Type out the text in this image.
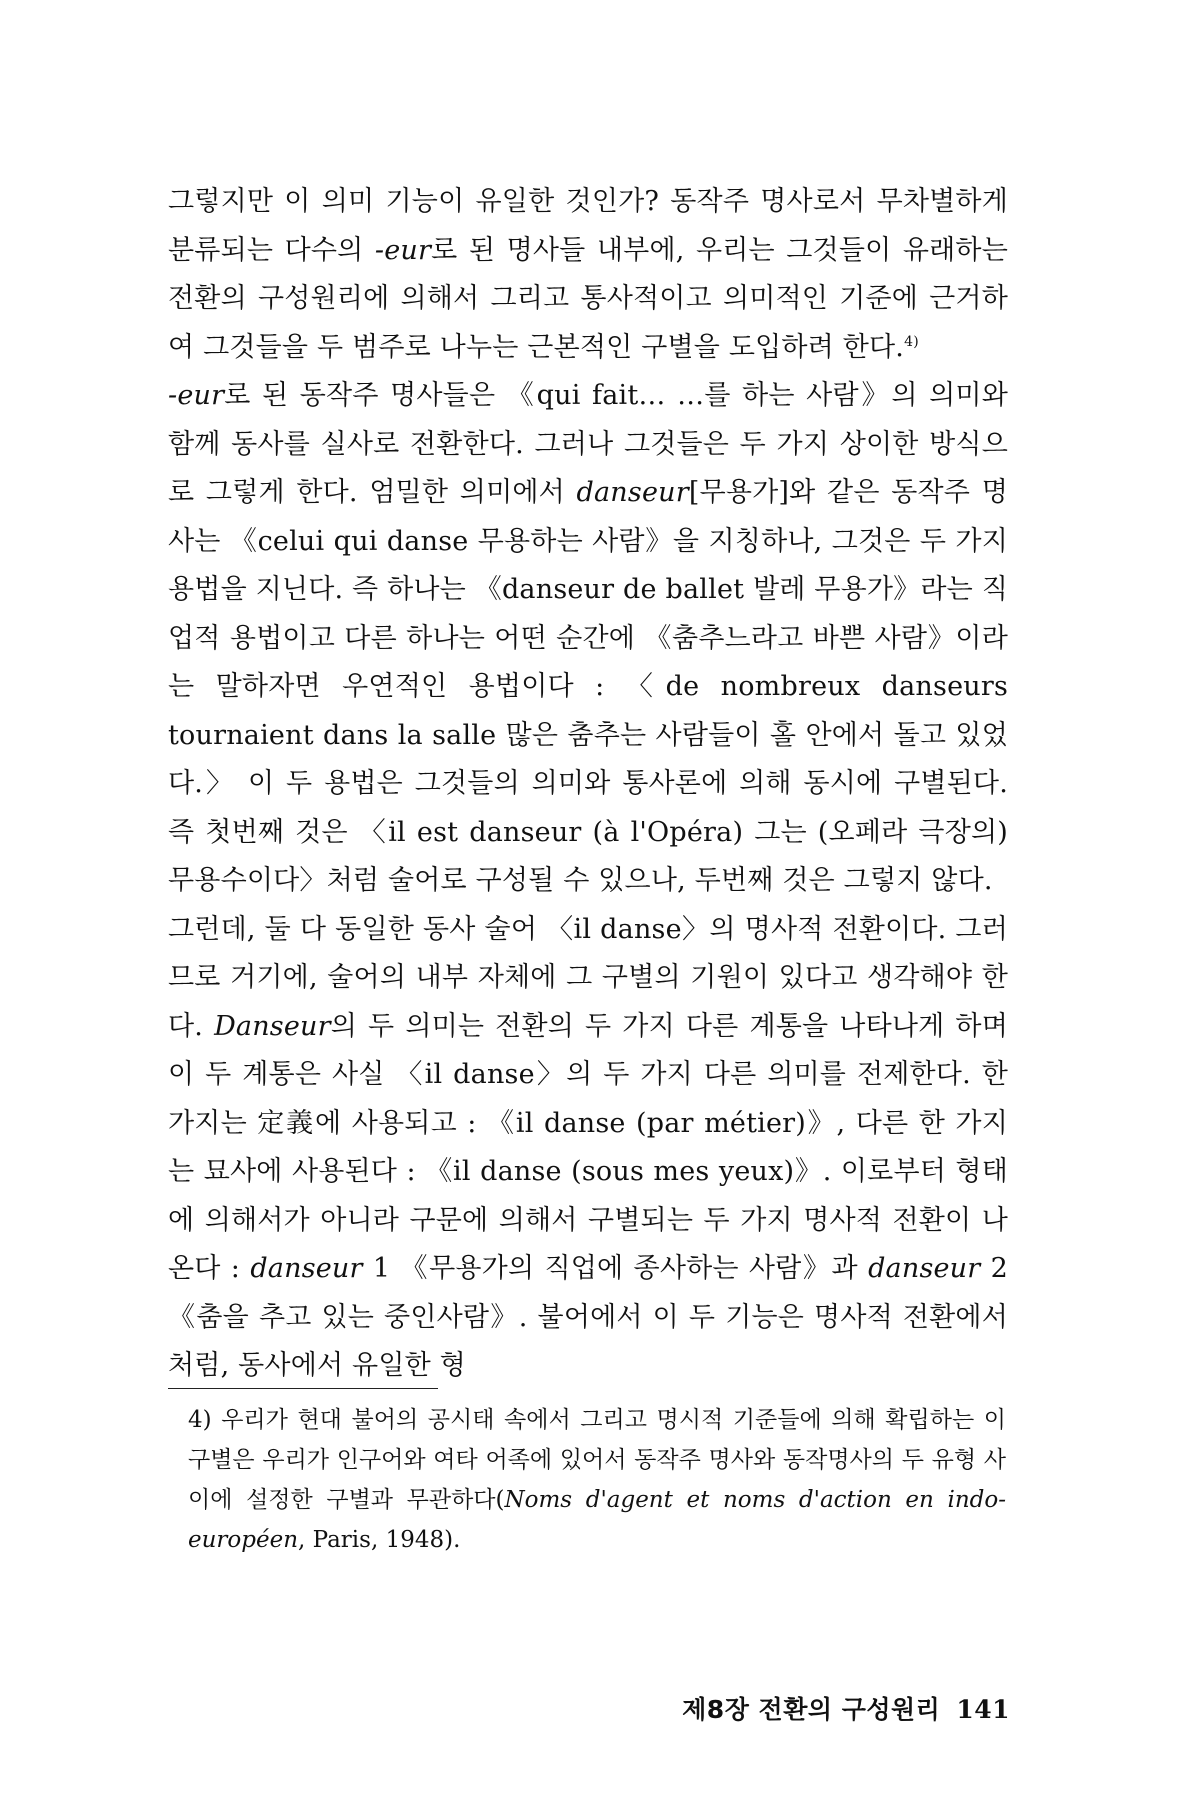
그렇지만 이 의미 기능이 유일한 것인가? 동작주 명사로서 무차별하게 분류되는 다수의 -eur로 된 명사들 내부에, 우리는 그것들이 유래하는 전환의 구성원리에 의해서 그리고 통사적이고 의미적인 기준에 근거하여 그것들을 두 범주로 나누는 근본적인 구별을 도입하려 한다.$^{4)}$

-eur로 된 동작주 명사들은 《qui fait… …를 하는 사람》의 의미와 함께 동사를 실사로 전환한다. 그러나 그것들은 두 가지 상이한 방식으로 그렇게 한다. 엄밀한 의미에서 danseur[무용가]와 같은 동작주 명사는 《celui qui danse 무용하는 사람》을 지칭하나, 그것은 두 가지 용법을 지닌다. 즉 하나는 《danseur de ballet 발레 무용가》라는 직업적 용법이고 다른 하나는 어떤 순간에 《춤추느라고 바쁜 사람》이라는 말하자면 우연적인 용법이다 : 〈de nombreux danseurs tournaient dans la salle 많은 춤추는 사람들이 홀 안에서 돌고 있었다.〉 이 두 용법은 그것들의 의미와 통사론에 의해 동시에 구별된다. 즉 첫번째 것은 〈il est danseur (à l'Opéra) 그는 (오페라 극장의) 무용수이다〉처럼 술어로 구성될 수 있으나, 두번째 것은 그렇지 않다.

그런데, 둘 다 동일한 동사 술어 〈il danse〉의 명사적 전환이다. 그러므로 거기에, 술어의 내부 자체에 그 구별의 기원이 있다고 생각해야 한다. Danseur의 두 의미는 전환의 두 가지 다른 계통을 나타나게 하며 이 두 계통은 사실 〈il danse〉의 두 가지 다른 의미를 전제한다. 한 가지는 定義에 사용되고 : 《il danse (par métier)》, 다른 한 가지는 묘사에 사용된다 : 《il danse (sous mes yeux)》. 이로부터 형태에 의해서가 아니라 구문에 의해서 구별되는 두 가지 명사적 전환이 나온다 : danseur 1 《무용가의 직업에 종사하는 사람》과 danseur 2 《춤을 추고 있는 중인사람》. 불어에서 이 두 기능은 명사적 전환에서처럼, 동사에서 유일한 형

4) 우리가 현대 불어의 공시태 속에서 그리고 명시적 기준들에 의해 확립하는 이 구별은 우리가 인구어와 여타 어족에 있어서 동작주 명사와 동작명사의 두 유형 사이에 설정한 구별과 무관하다(Noms d'agent et noms d'action en indo-européen, Paris, 1948).

제8장 전환의 구성원리 141
